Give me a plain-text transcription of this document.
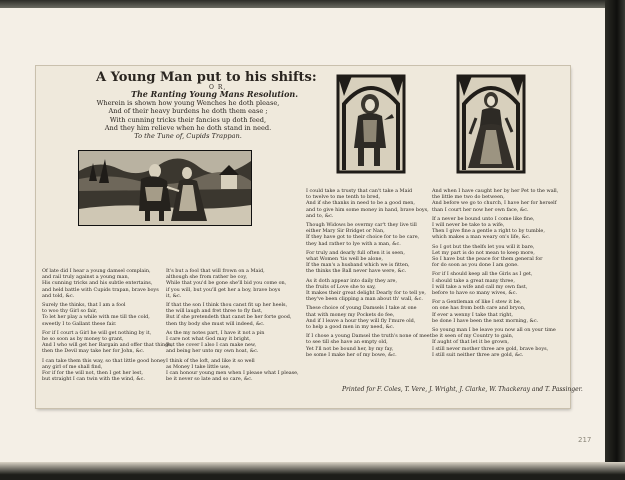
A Young Man put to his shifts:
O R,
The Ranting Young Mans Resolution.
Wherein is shown how young Wenches he doth please,
And of their heavy burdens he doth them ease ;
With cunning tricks their fancies up doth feed,
And they him relieve when he doth stand in need.
To the Tune of, Cupids Trappan.

Of late did I hear a young damsel complain,
and rail truly against a young man,
His cunning tricks and his subtle entertains,
and held battle with Cupids trapan, brave boys
and told, &c.

Surely the thinks, that I am a fool
to woo thy Girl so fair,
To let her play a while with me till the cold,
sweetly I to Gallant these fair.

For if I court a Girl he will get nothing by it,
he so soon as by money to grant,
And I who will get her Bargain and offer that things,
then the Devil may take her for John, &c.

I can take them this way, so that little good honey
any girl of me shall find,
For if for the will not, then I get her lest,
but straight I can twin with the wind, &c.

It's but a fool that will frown on a Maid,
although she from rather be coy,
While that you'd be gone she'll bid you come on,
if you will, but you'll get her a boy, brave boys
it, &c.

If that the son I think thou canst fit up her heels,
the will laugh and fret three to fly fast,
But if she pretendeth that canst be her forte good,
then thy body she must will indeed, &c.

As the my notes part, I have it not a pin
I care not what God may it bright,
But the cover I also I can make new,
and being her unto my own hoat, &c.

I think of the loft, and like it so well
as Money I take little use,
I can honour young men when I please what I please,
be it never so late and so care, &c.

I could take a trusty that can't take a Maid
to twelve to me tenth to bred,
And if she thanks in need to be a good men,
and to give him some money in hand, brave boys,
and to, &c.

Though Widows be overmy car't they live till
either Mary Sir Bridget or Nan,
If they have got to their choice for to be care,
they had rather to lye with a man, &c.

For truly and dearly full often it is seen,
what Women 'tis well be alone,
If the man's a husband which we is fitten,
the thinks the Ball never have were, &c.

As it doth appear into daily they are,
the fruits of Love she to say,
It makes their great delight Dearly for to tell ye,
they've been clipping a man about th' wall, &c.

These choice of young Damsels I take at one
that with money my Pockets do fee,
And if I leave a hour they will fly I'mure old,
to help a good men in my need, &c.

If I chose a young Damsel the truth's none of meet
to see till she have an empty old,
Yet I'll not be bound her, by my fay,
be some I make her of my bowe, &c.

And when I have caught her by her Pet to the wall,
the little me two do between,
And before we go to church, I have her for herself
than I court her now her own face, &c.

If a never be bound unto I come like fine,
I will never be take to a wife,
Then I give fine a gentle a right to by tumble,
which makes a man weary on's life, &c.

So I got but the thelfs let you will it bare,
Let my part is do not mean to keep more,
So I have but the peace for them general for
for do soon as you done I am gone.

For if I should keep all the Girls as I get,
I should take a great many three,
I will take a wife and call my own fast,
before to have so many wives, &c.

For a Gentleman of like I stew it be,
on one has from both care and bryon,
If ever a wenny I take that right,
be done I have been the next morning, &c.

So young man I be leave you now all on your time
be it seen of my Country to gain,
If aught of that let it be grown,
I still never mother three are gold, brave boys,
I still suit neither three are gold, &c.

Printed for F. Coles, T. Vere, J. Wright, J. Clarke, W. Thackeray and T. Passinger.
217
